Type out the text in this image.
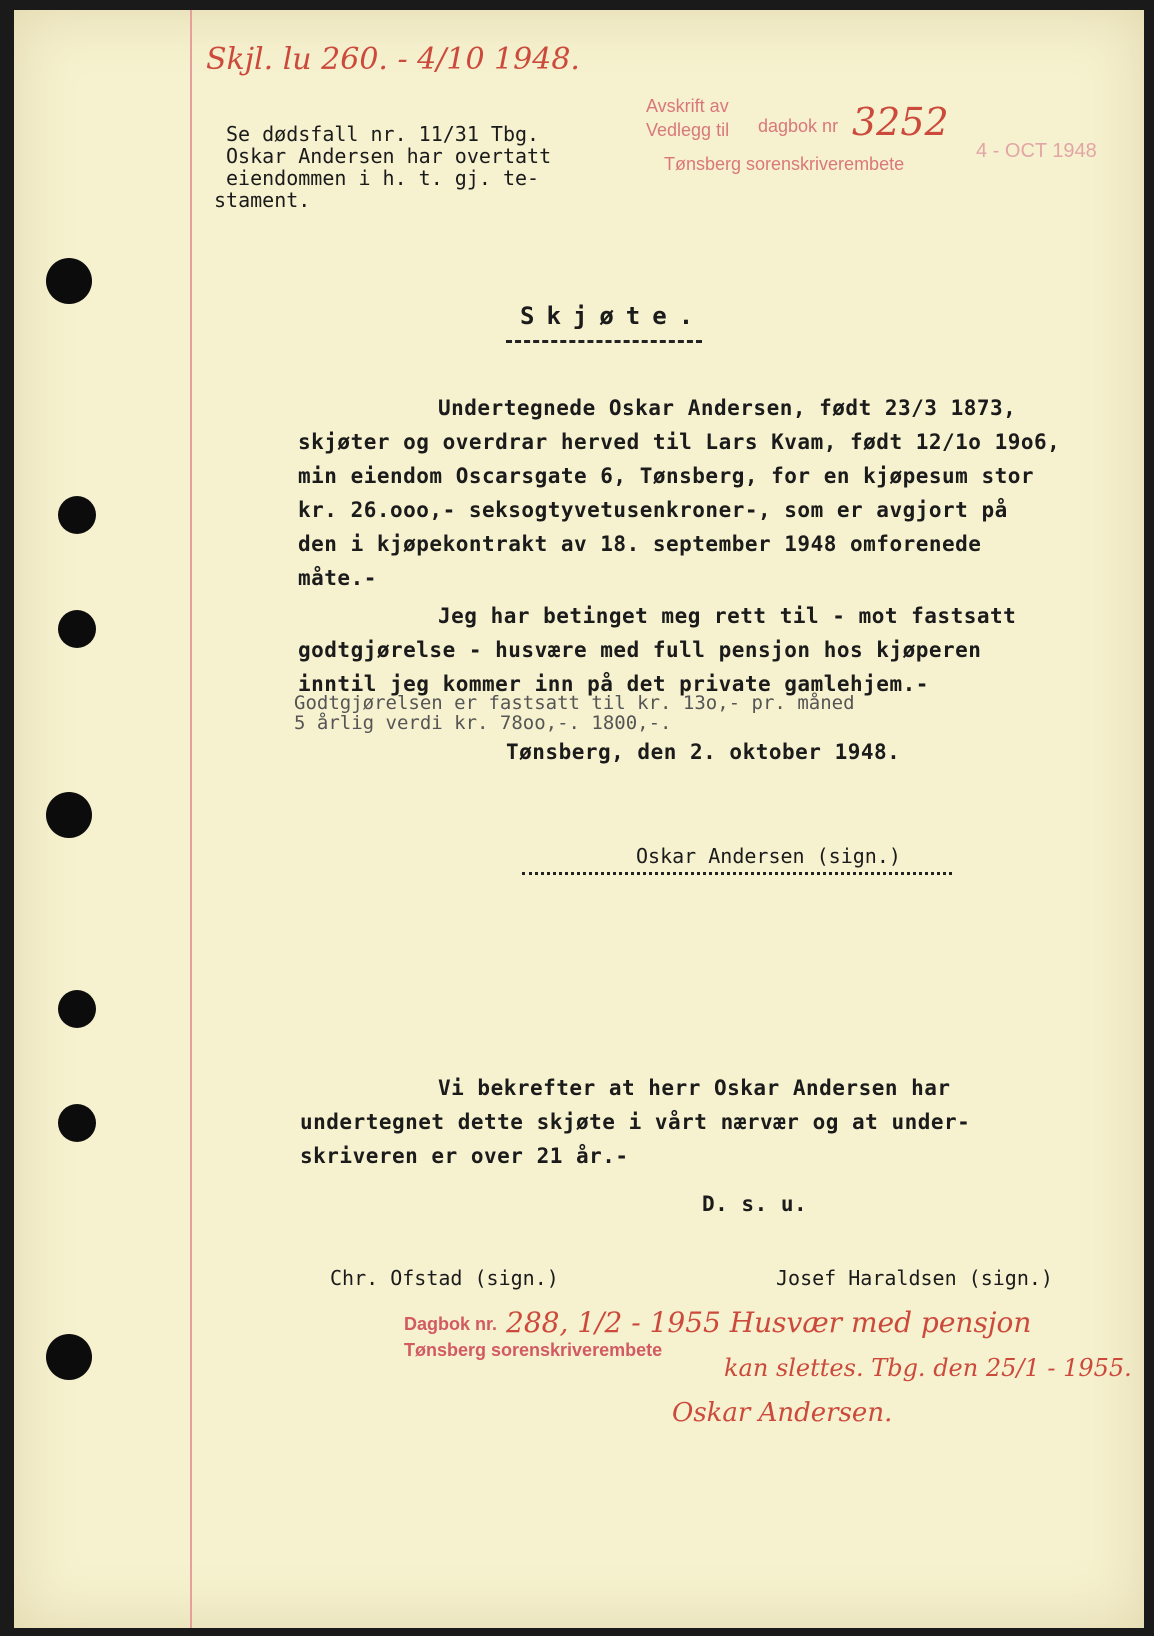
Skjl. lu 260. - 4/10 1948.
Avskrift av
Vedlegg til dagbok nr 3252
Tønsberg sorenskriverembete
4 - OCT 1948
Se dødsfall nr. 11/31 Tbg.
Oskar Andersen har overtatt
eiendommen i h. t. gj. te-
stament.
Skjøte.
Undertegnede Oskar Andersen, født 23/3 1873,
skjøter og overdrar herved til Lars Kvam, født 12/1o 19o6,
min eiendom Oscarsgate 6, Tønsberg, for en kjøpesum stor
kr. 26.ooo,- seksogtyvetusenkroner-, som er avgjort på
den i kjøpekontrakt av 18. september 1948 omforenede
måte.-
Jeg har betinget meg rett til - mot fastsatt
godtgjørelse - husvære med full pensjon hos kjøperen
inntil jeg kommer inn på det private gamlehjem.-
Godtgjørelsen er fastsatt til kr. 13o,- pr. måned
5 årlig verdi kr. 78oo,-. 1800,-.
Tønsberg, den 2. oktober 1948.
Oskar Andersen (sign.)
Vi bekrefter at herr Oskar Andersen har
undertegnet dette skjøte i vårt nærvær og at under-
skriveren er over 21 år.-
D. s. u.
Chr. Ofstad (sign.)	Josef Haraldsen (sign.)
Dagbok nr.
Tønsberg sorenskriverembete
288, 1/2 - 1955 Husvær med pensjon
kan slettes. Tbg. den 25/1 - 1955.
Oskar Andersen.
